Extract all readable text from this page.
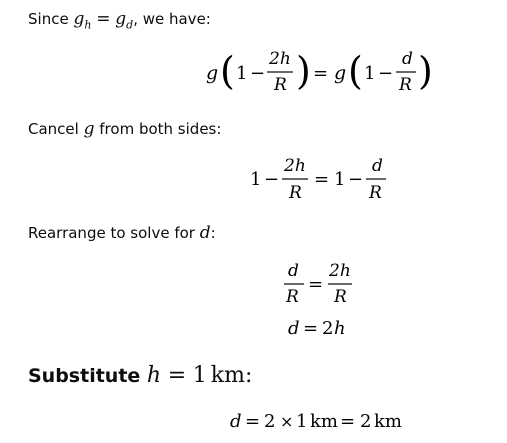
Since $g_h = g_d$, we have:
g ( 1 −
2h
R ) = g ( 1 −
d
R )
Cancel g from both sides:
1 −
2h
R
= 1 −
d
R
Rearrange to solve for d:
d
R
=
2h
R
d = 2 h
Substitute h = 1 km:
d = 2 × 1 km = 2 km
